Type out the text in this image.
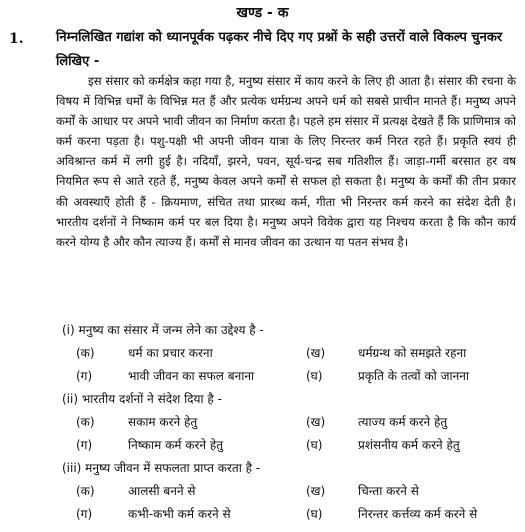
खण्ड - क
1. निम्नलिखित गद्यांश को ध्यानपूर्वक पढ़कर नीचे दिए गए प्रश्नों के सही उत्तरों वाले विकल्प चुनकर लिखिए -
इस संसार को कर्मक्षेत्र कहा गया है, मनुष्य संसार में काय करने के लिए ही आता है। संसार की रचना के विषय में विभिन्न धर्मों के विभिन्न मत हैं और प्रत्येक धर्मग्रन्थ अपने धर्म को सबसे प्राचीन मानते हैं। मनुष्य अपने कर्मों के आधार पर अपने भावी जीवन का निर्माण करता है। पहले हम संसार में प्रत्यक्ष देखते हैं कि प्राणिमात्र को कर्म करना पड़ता है। पशु-पक्षी भी अपनी जीवन यात्रा के लिए निरन्तर कर्म निरत रहते हैं। प्रकृति स्वयं ही अविश्रान्त कर्म में लगी हुई है। नदियाँ, झरने, पवन, सूर्य-चन्द्र सब गतिशील हैं। जाड़ा-गर्मी बरसात हर वष नियमित रूप से आते रहते हैं, मनुष्य केवल अपने कर्मों से सफल हो सकता है। मनुष्य के कर्मों की तीन प्रकार की अवस्थाएँ होती हैं - क्रियमाण, संचित तथा प्रारब्ध कर्म, गीता भी निरन्तर कर्म करने का संदेश देती है। भारतीय दर्शनों ने निष्काम कर्म पर बल दिया है। मनुष्य अपने विवेक द्वारा यह निश्चय करता है कि कौन कार्य करने योग्य है और कौन त्याज्य हैं। कर्मों से मानव जीवन का उत्थान या पतन संभव है।
(i) मनुष्य का संसार में जन्म लेने का उद्देश्य है -
(क)	धर्म का प्रचार करना	(ख)	धर्मग्रन्थ को समझते रहना
(ग)	भावी जीवन का सफल बनाना	(घ)	प्रकृति के तत्वों को जानना
(ii) भारतीय दर्शनों ने संदेश दिया है -
(क)	सकाम करने हेतु	(ख)	त्याज्य कर्म करने हेतु
(ग)	निष्काम कर्म करने हेतु	(घ)	प्रशंसनीय कर्म करने हेतु
(iii) मनुष्य जीवन में सफलता प्राप्त करता है -
(क)	आलसी बनने से	(ख)	चिन्ता करने से
(ग)	कभी-कभी कर्म करने से	(घ)	निरन्तर कर्त्तव्य कर्म करने से
